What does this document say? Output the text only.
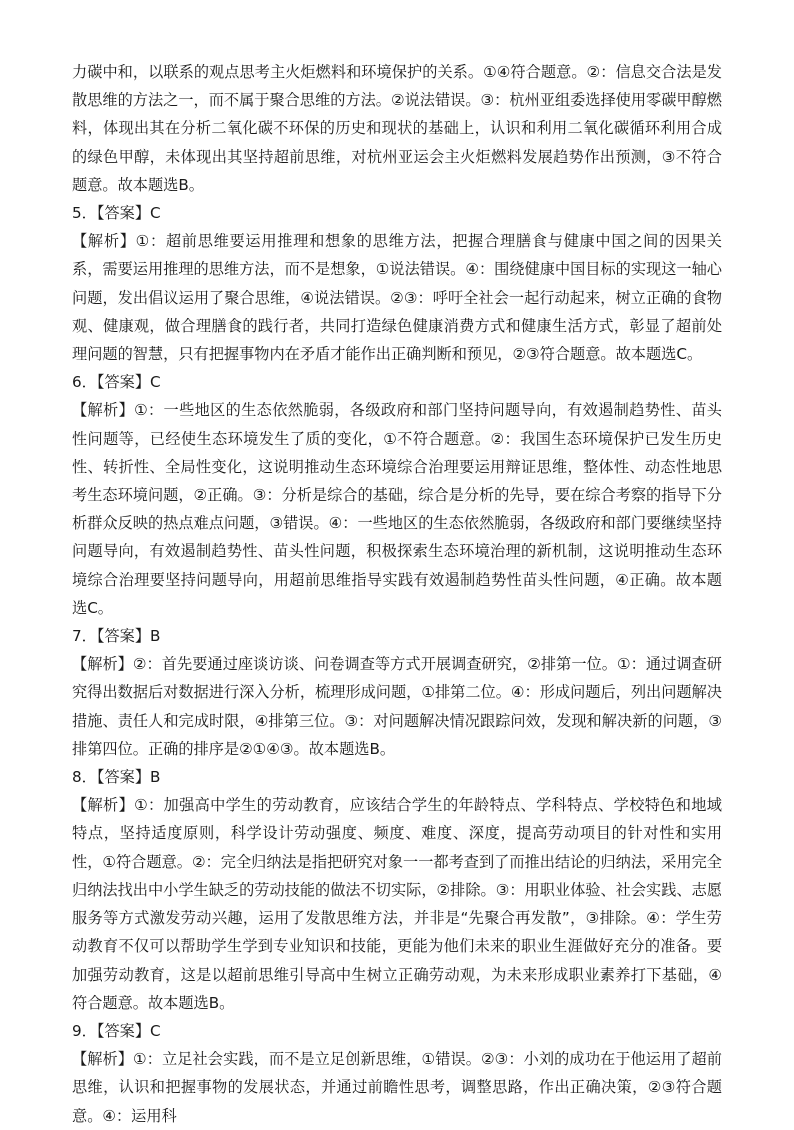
力碳中和，以联系的观点思考主火炬燃料和环境保护的关系。①④符合题意。②：信息交合法是发散思维的方法之一，而不属于聚合思维的方法。②说法错误。③：杭州亚组委选择使用零碳甲醇燃料，体现出其在分析二氧化碳不环保的历史和现状的基础上，认识和利用二氧化碳循环利用合成的绿色甲醇，未体现出其坚持超前思维，对杭州亚运会主火炬燃料发展趋势作出预测，③不符合题意。故本题选B。

5．【答案】C

【解析】①：超前思维要运用推理和想象的思维方法，把握合理膳食与健康中国之间的因果关系，需要运用推理的思维方法，而不是想象，①说法错误。④：围绕健康中国目标的实现这一轴心问题，发出倡议运用了聚合思维，④说法错误。②③：呼吁全社会一起行动起来，树立正确的食物观、健康观，做合理膳食的践行者，共同打造绿色健康消费方式和健康生活方式，彰显了超前处理问题的智慧，只有把握事物内在矛盾才能作出正确判断和预见，②③符合题意。故本题选C。

6．【答案】C

【解析】①：一些地区的生态依然脆弱，各级政府和部门坚持问题导向，有效遏制趋势性、苗头性问题等，已经使生态环境发生了质的变化，①不符合题意。②：我国生态环境保护已发生历史性、转折性、全局性变化，这说明推动生态环境综合治理要运用辩证思维，整体性、动态性地思考生态环境问题，②正确。③：分析是综合的基础，综合是分析的先导，要在综合考察的指导下分析群众反映的热点难点问题，③错误。④：一些地区的生态依然脆弱，各级政府和部门要继续坚持问题导向，有效遏制趋势性、苗头性问题，积极探索生态环境治理的新机制，这说明推动生态环境综合治理要坚持问题导向，用超前思维指导实践有效遏制趋势性苗头性问题，④正确。故本题选C。

7．【答案】B

【解析】②：首先要通过座谈访谈、问卷调查等方式开展调查研究，②排第一位。①：通过调查研究得出数据后对数据进行深入分析，梳理形成问题，①排第二位。④：形成问题后，列出问题解决措施、责任人和完成时限，④排第三位。③：对问题解决情况跟踪问效，发现和解决新的问题，③排第四位。正确的排序是②①④③。故本题选B。

8．【答案】B

【解析】①：加强高中学生的劳动教育，应该结合学生的年龄特点、学科特点、学校特色和地域特点，坚持适度原则，科学设计劳动强度、频度、难度、深度，提高劳动项目的针对性和实用性，①符合题意。②：完全归纳法是指把研究对象一一都考查到了而推出结论的归纳法，采用完全归纳法找出中小学生缺乏的劳动技能的做法不切实际，②排除。③：用职业体验、社会实践、志愿服务等方式激发劳动兴趣，运用了发散思维方法，并非是“先聚合再发散”，③排除。④：学生劳动教育不仅可以帮助学生学到专业知识和技能，更能为他们未来的职业生涯做好充分的准备。要加强劳动教育，这是以超前思维引导高中生树立正确劳动观，为未来形成职业素养打下基础，④符合题意。故本题选B。

9．【答案】C

【解析】①：立足社会实践，而不是立足创新思维，①错误。②③：小刘的成功在于他运用了超前思维，认识和把握事物的发展状态，并通过前瞻性思考，调整思路，作出正确决策，②③符合题意。④：运用科
